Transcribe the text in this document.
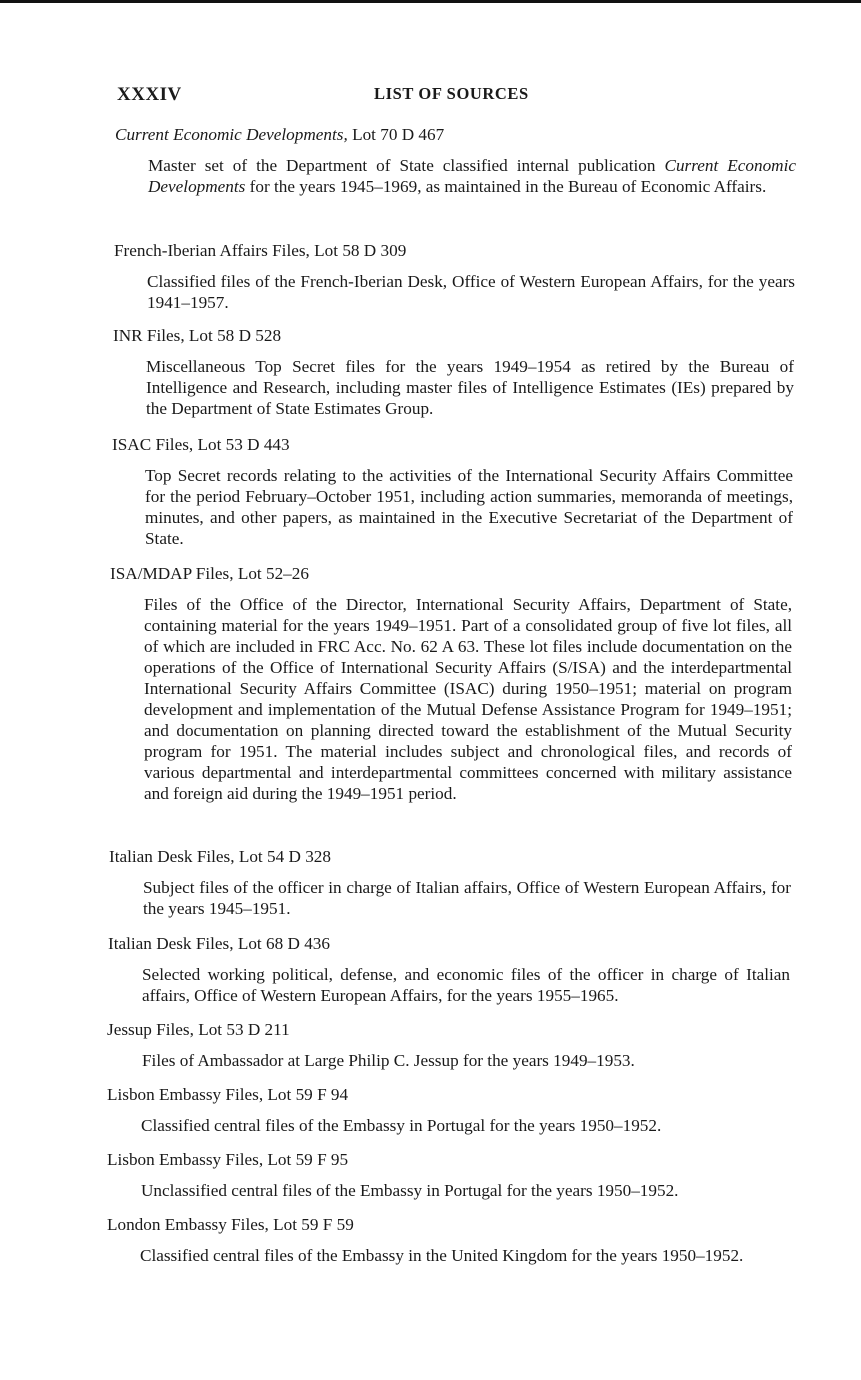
XXXIV	LIST OF SOURCES
Current Economic Developments, Lot 70 D 467
Master set of the Department of State classified internal publication Current Economic Developments for the years 1945–1969, as maintained in the Bureau of Economic Affairs.
French-Iberian Affairs Files, Lot 58 D 309
Classified files of the French-Iberian Desk, Office of Western European Affairs, for the years 1941–1957.
INR Files, Lot 58 D 528
Miscellaneous Top Secret files for the years 1949–1954 as retired by the Bureau of Intelligence and Research, including master files of Intelligence Estimates (IEs) prepared by the Department of State Estimates Group.
ISAC Files, Lot 53 D 443
Top Secret records relating to the activities of the International Security Affairs Committee for the period February–October 1951, including action summaries, memoranda of meetings, minutes, and other papers, as maintained in the Executive Secretariat of the Department of State.
ISA/MDAP Files, Lot 52–26
Files of the Office of the Director, International Security Affairs, Department of State, containing material for the years 1949–1951. Part of a consolidated group of five lot files, all of which are included in FRC Acc. No. 62 A 63. These lot files include documentation on the operations of the Office of International Security Affairs (S/ISA) and the interdepartmental International Security Affairs Committee (ISAC) during 1950–1951; material on program development and implementation of the Mutual Defense Assistance Program for 1949–1951; and documentation on planning directed toward the establishment of the Mutual Security program for 1951. The material includes subject and chronological files, and records of various departmental and interdepartmental committees concerned with military assistance and foreign aid during the 1949–1951 period.
Italian Desk Files, Lot 54 D 328
Subject files of the officer in charge of Italian affairs, Office of Western European Affairs, for the years 1945–1951.
Italian Desk Files, Lot 68 D 436
Selected working political, defense, and economic files of the officer in charge of Italian affairs, Office of Western European Affairs, for the years 1955–1965.
Jessup Files, Lot 53 D 211
Files of Ambassador at Large Philip C. Jessup for the years 1949–1953.
Lisbon Embassy Files, Lot 59 F 94
Classified central files of the Embassy in Portugal for the years 1950–1952.
Lisbon Embassy Files, Lot 59 F 95
Unclassified central files of the Embassy in Portugal for the years 1950–1952.
London Embassy Files, Lot 59 F 59
Classified central files of the Embassy in the United Kingdom for the years 1950–1952.
